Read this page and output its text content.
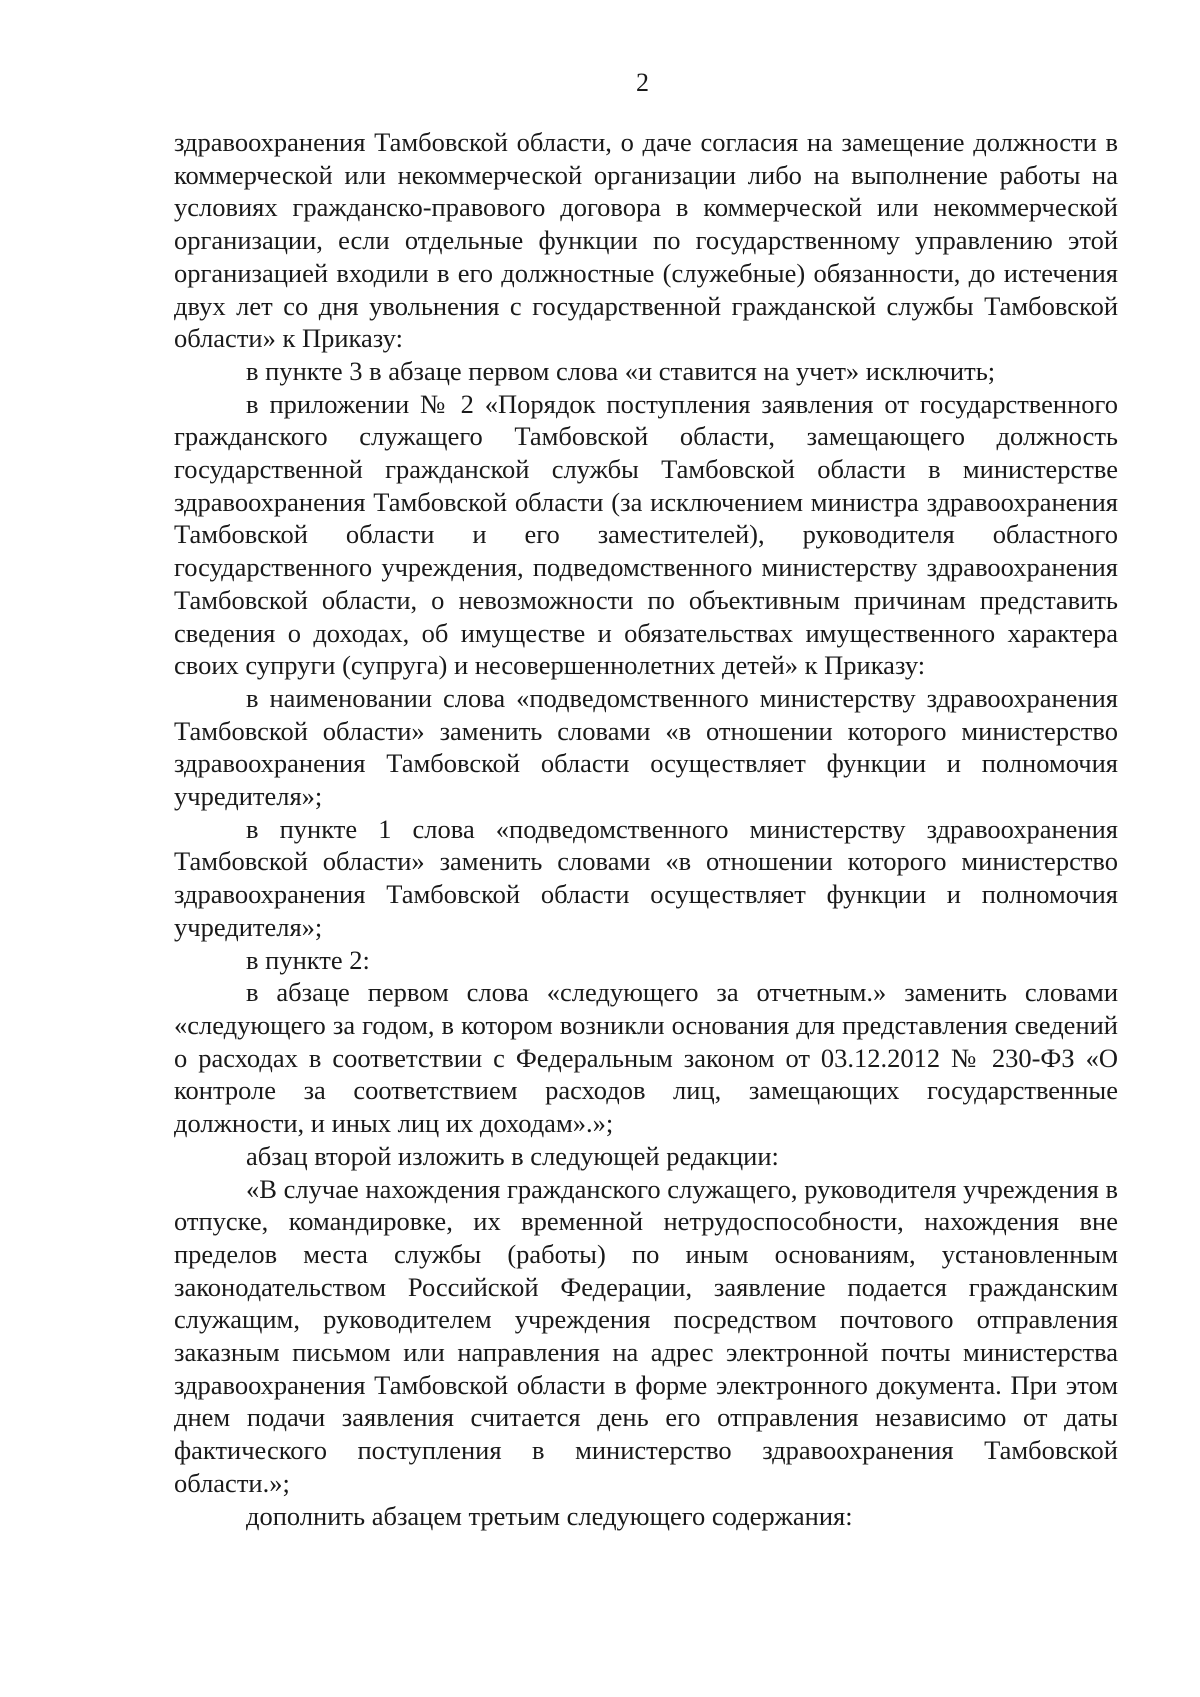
2

здравоохранения Тамбовской области, о даче согласия на замещение должности в коммерческой или некоммерческой организации либо на выполнение работы на условиях гражданско-правового договора в коммерческой или некоммерческой организации, если отдельные функции по государственному управлению этой организацией входили в его должностные (служебные) обязанности, до истечения двух лет со дня увольнения с государственной гражданской службы Тамбовской области» к Приказу:

в пункте 3 в абзаце первом слова «и ставится на учет» исключить;

в приложении № 2 «Порядок поступления заявления от государственного гражданского служащего Тамбовской области, замещающего должность государственной гражданской службы Тамбовской области в министерстве здравоохранения Тамбовской области (за исключением министра здравоохранения Тамбовской области и его заместителей), руководителя областного государственного учреждения, подведомственного министерству здравоохранения Тамбовской области, о невозможности по объективным причинам представить сведения о доходах, об имуществе и обязательствах имущественного характера своих супруги (супруга) и несовершеннолетних детей» к Приказу:

в наименовании слова «подведомственного министерству здравоохранения Тамбовской области» заменить словами «в отношении которого министерство здравоохранения Тамбовской области осуществляет функции и полномочия учредителя»;

в пункте 1 слова «подведомственного министерству здравоохранения Тамбовской области» заменить словами «в отношении которого министерство здравоохранения Тамбовской области осуществляет функции и полномочия учредителя»;

в пункте 2:

в абзаце первом слова «следующего за отчетным.» заменить словами «следующего за годом, в котором возникли основания для представления сведений о расходах в соответствии с Федеральным законом от 03.12.2012 № 230-ФЗ «О контроле за соответствием расходов лиц, замещающих государственные должности, и иных лиц их доходам».»;

абзац второй изложить в следующей редакции:

«В случае нахождения гражданского служащего, руководителя учреждения в отпуске, командировке, их временной нетрудоспособности, нахождения вне пределов места службы (работы) по иным основаниям, установленным законодательством Российской Федерации, заявление подается гражданским служащим, руководителем учреждения посредством почтового отправления заказным письмом или направления на адрес электронной почты министерства здравоохранения Тамбовской области в форме электронного документа. При этом днем подачи заявления считается день его отправления независимо от даты фактического поступления в министерство здравоохранения Тамбовской области.»;

дополнить абзацем третьим следующего содержания:
